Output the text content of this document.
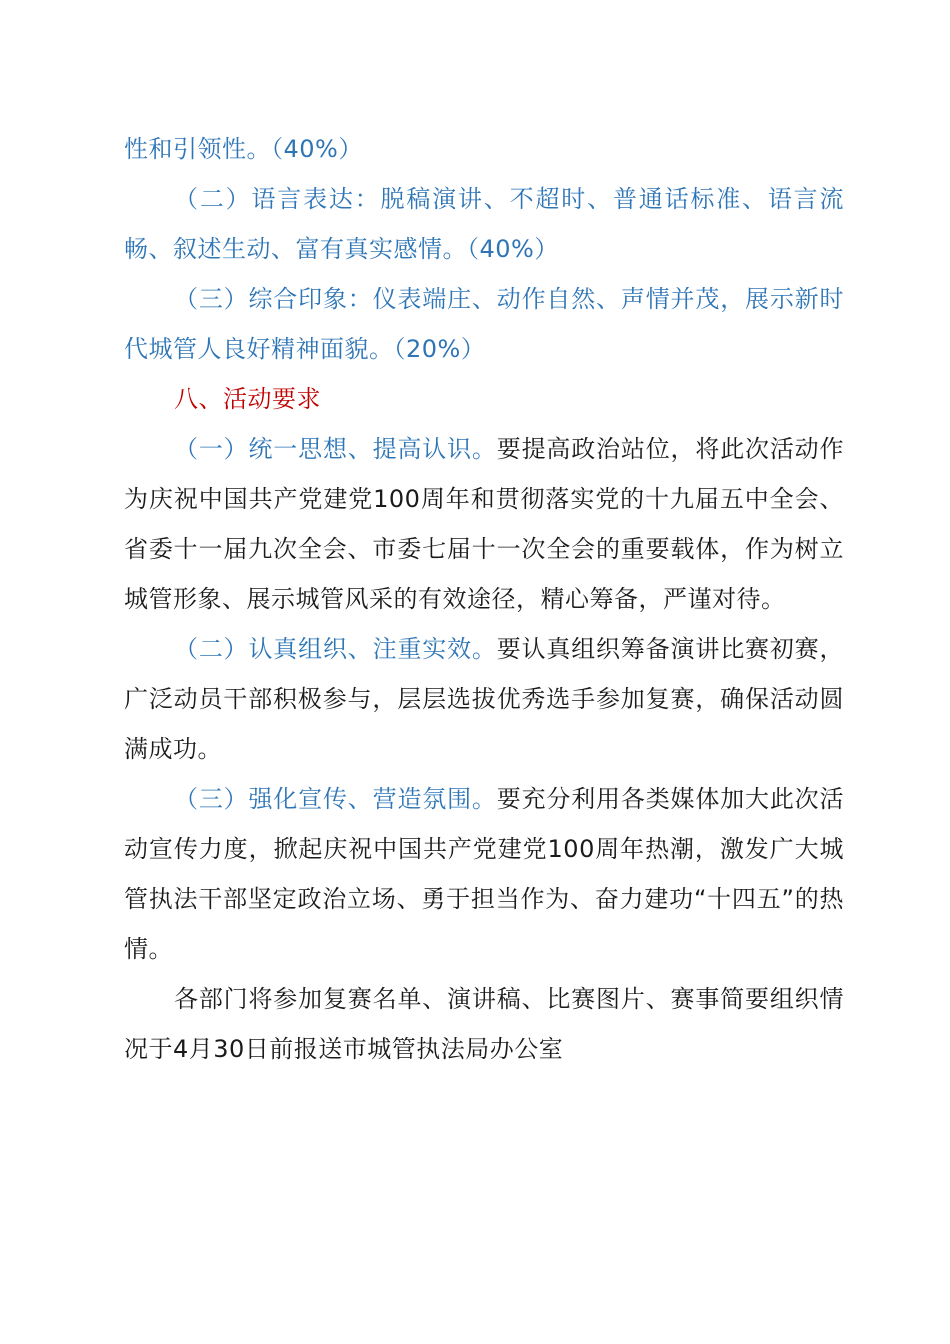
性和引领性。（40%）

（二）语言表达：脱稿演讲、不超时、普通话标准、语言流畅、叙述生动、富有真实感情。（40%）

（三）综合印象：仪表端庄、动作自然、声情并茂，展示新时代城管人良好精神面貌。（20%）

八、活动要求

（一）统一思想、提高认识。要提高政治站位，将此次活动作为庆祝中国共产党建党100周年和贯彻落实党的十九届五中全会、省委十一届九次全会、市委七届十一次全会的重要载体，作为树立城管形象、展示城管风采的有效途径，精心筹备，严谨对待。

（二）认真组织、注重实效。要认真组织筹备演讲比赛初赛，广泛动员干部积极参与，层层选拔优秀选手参加复赛，确保活动圆满成功。

（三）强化宣传、营造氛围。要充分利用各类媒体加大此次活动宣传力度，掀起庆祝中国共产党建党100周年热潮，激发广大城管执法干部坚定政治立场、勇于担当作为、奋力建功“十四五”的热情。

各部门将参加复赛名单、演讲稿、比赛图片、赛事简要组织情况于4月30日前报送市城管执法局办公室
